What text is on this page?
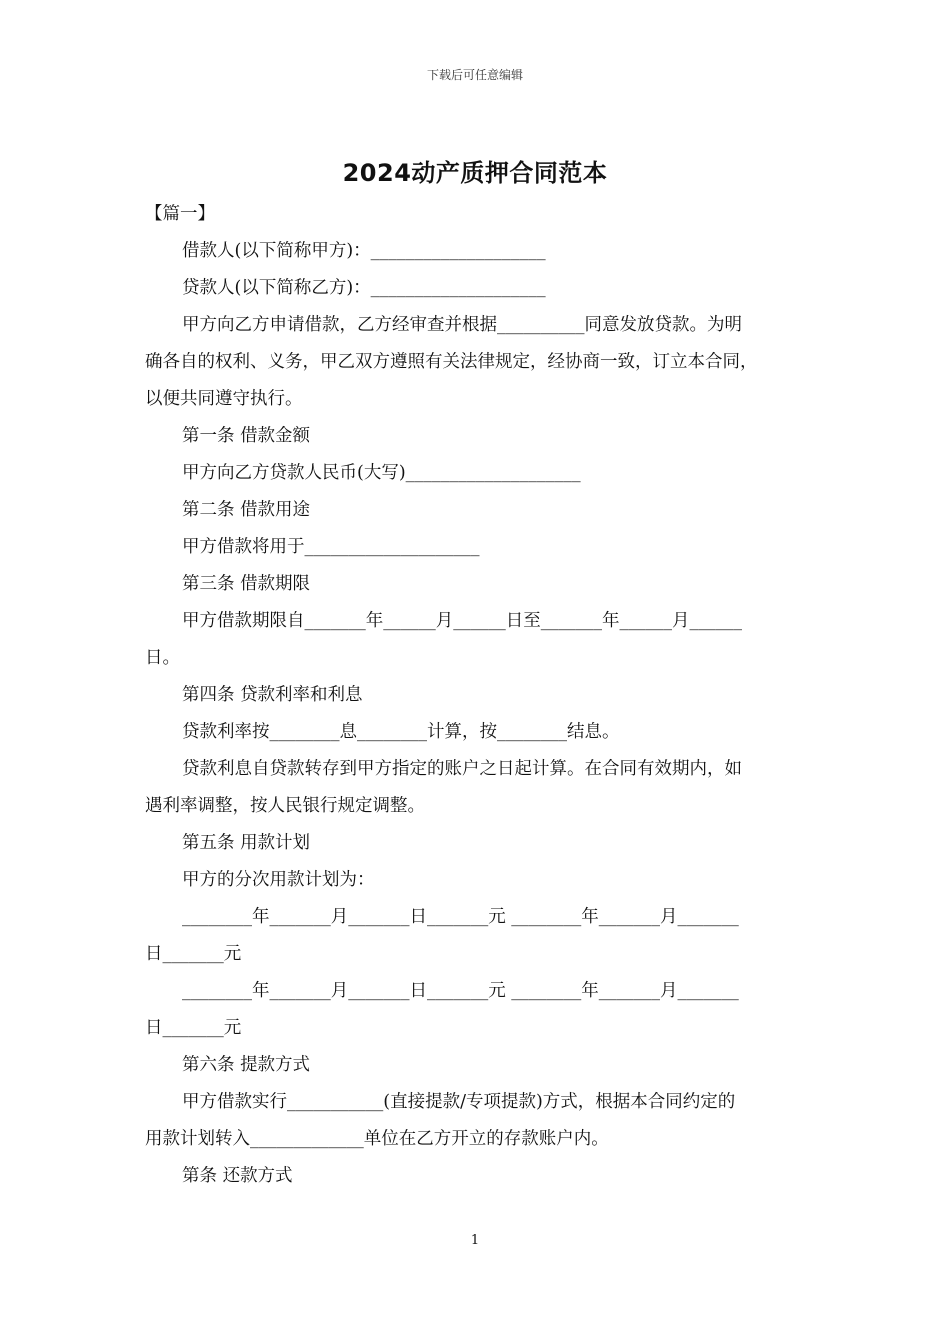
下载后可任意编辑
2024动产质押合同范本

【篇一】

借款人(以下简称甲方)：____________________

贷款人(以下简称乙方)：____________________

甲方向乙方申请借款，乙方经审查并根据__________同意发放贷款。为明

确各自的权利、义务，甲乙双方遵照有关法律规定，经协商一致，订立本合同，

以便共同遵守执行。

第一条 借款金额

甲方向乙方贷款人民币(大写)____________________

第二条 借款用途

甲方借款将用于____________________

第三条 借款期限

甲方借款期限自_______年______月______日至_______年______月______

日。

第四条 贷款利率和利息

贷款利率按________息________计算，按________结息。

贷款利息自贷款转存到甲方指定的账户之日起计算。在合同有效期内，如

遇利率调整，按人民银行规定调整。

第五条 用款计划

甲方的分次用款计划为：

________年_______月_______日_______元 ________年_______月_______

日_______元

________年_______月_______日_______元 ________年_______月_______

日_______元

第六条 提款方式

甲方借款实行___________(直接提款/专项提款)方式，根据本合同约定的

用款计划转入_____________单位在乙方开立的存款账户内。

第条 还款方式

1
